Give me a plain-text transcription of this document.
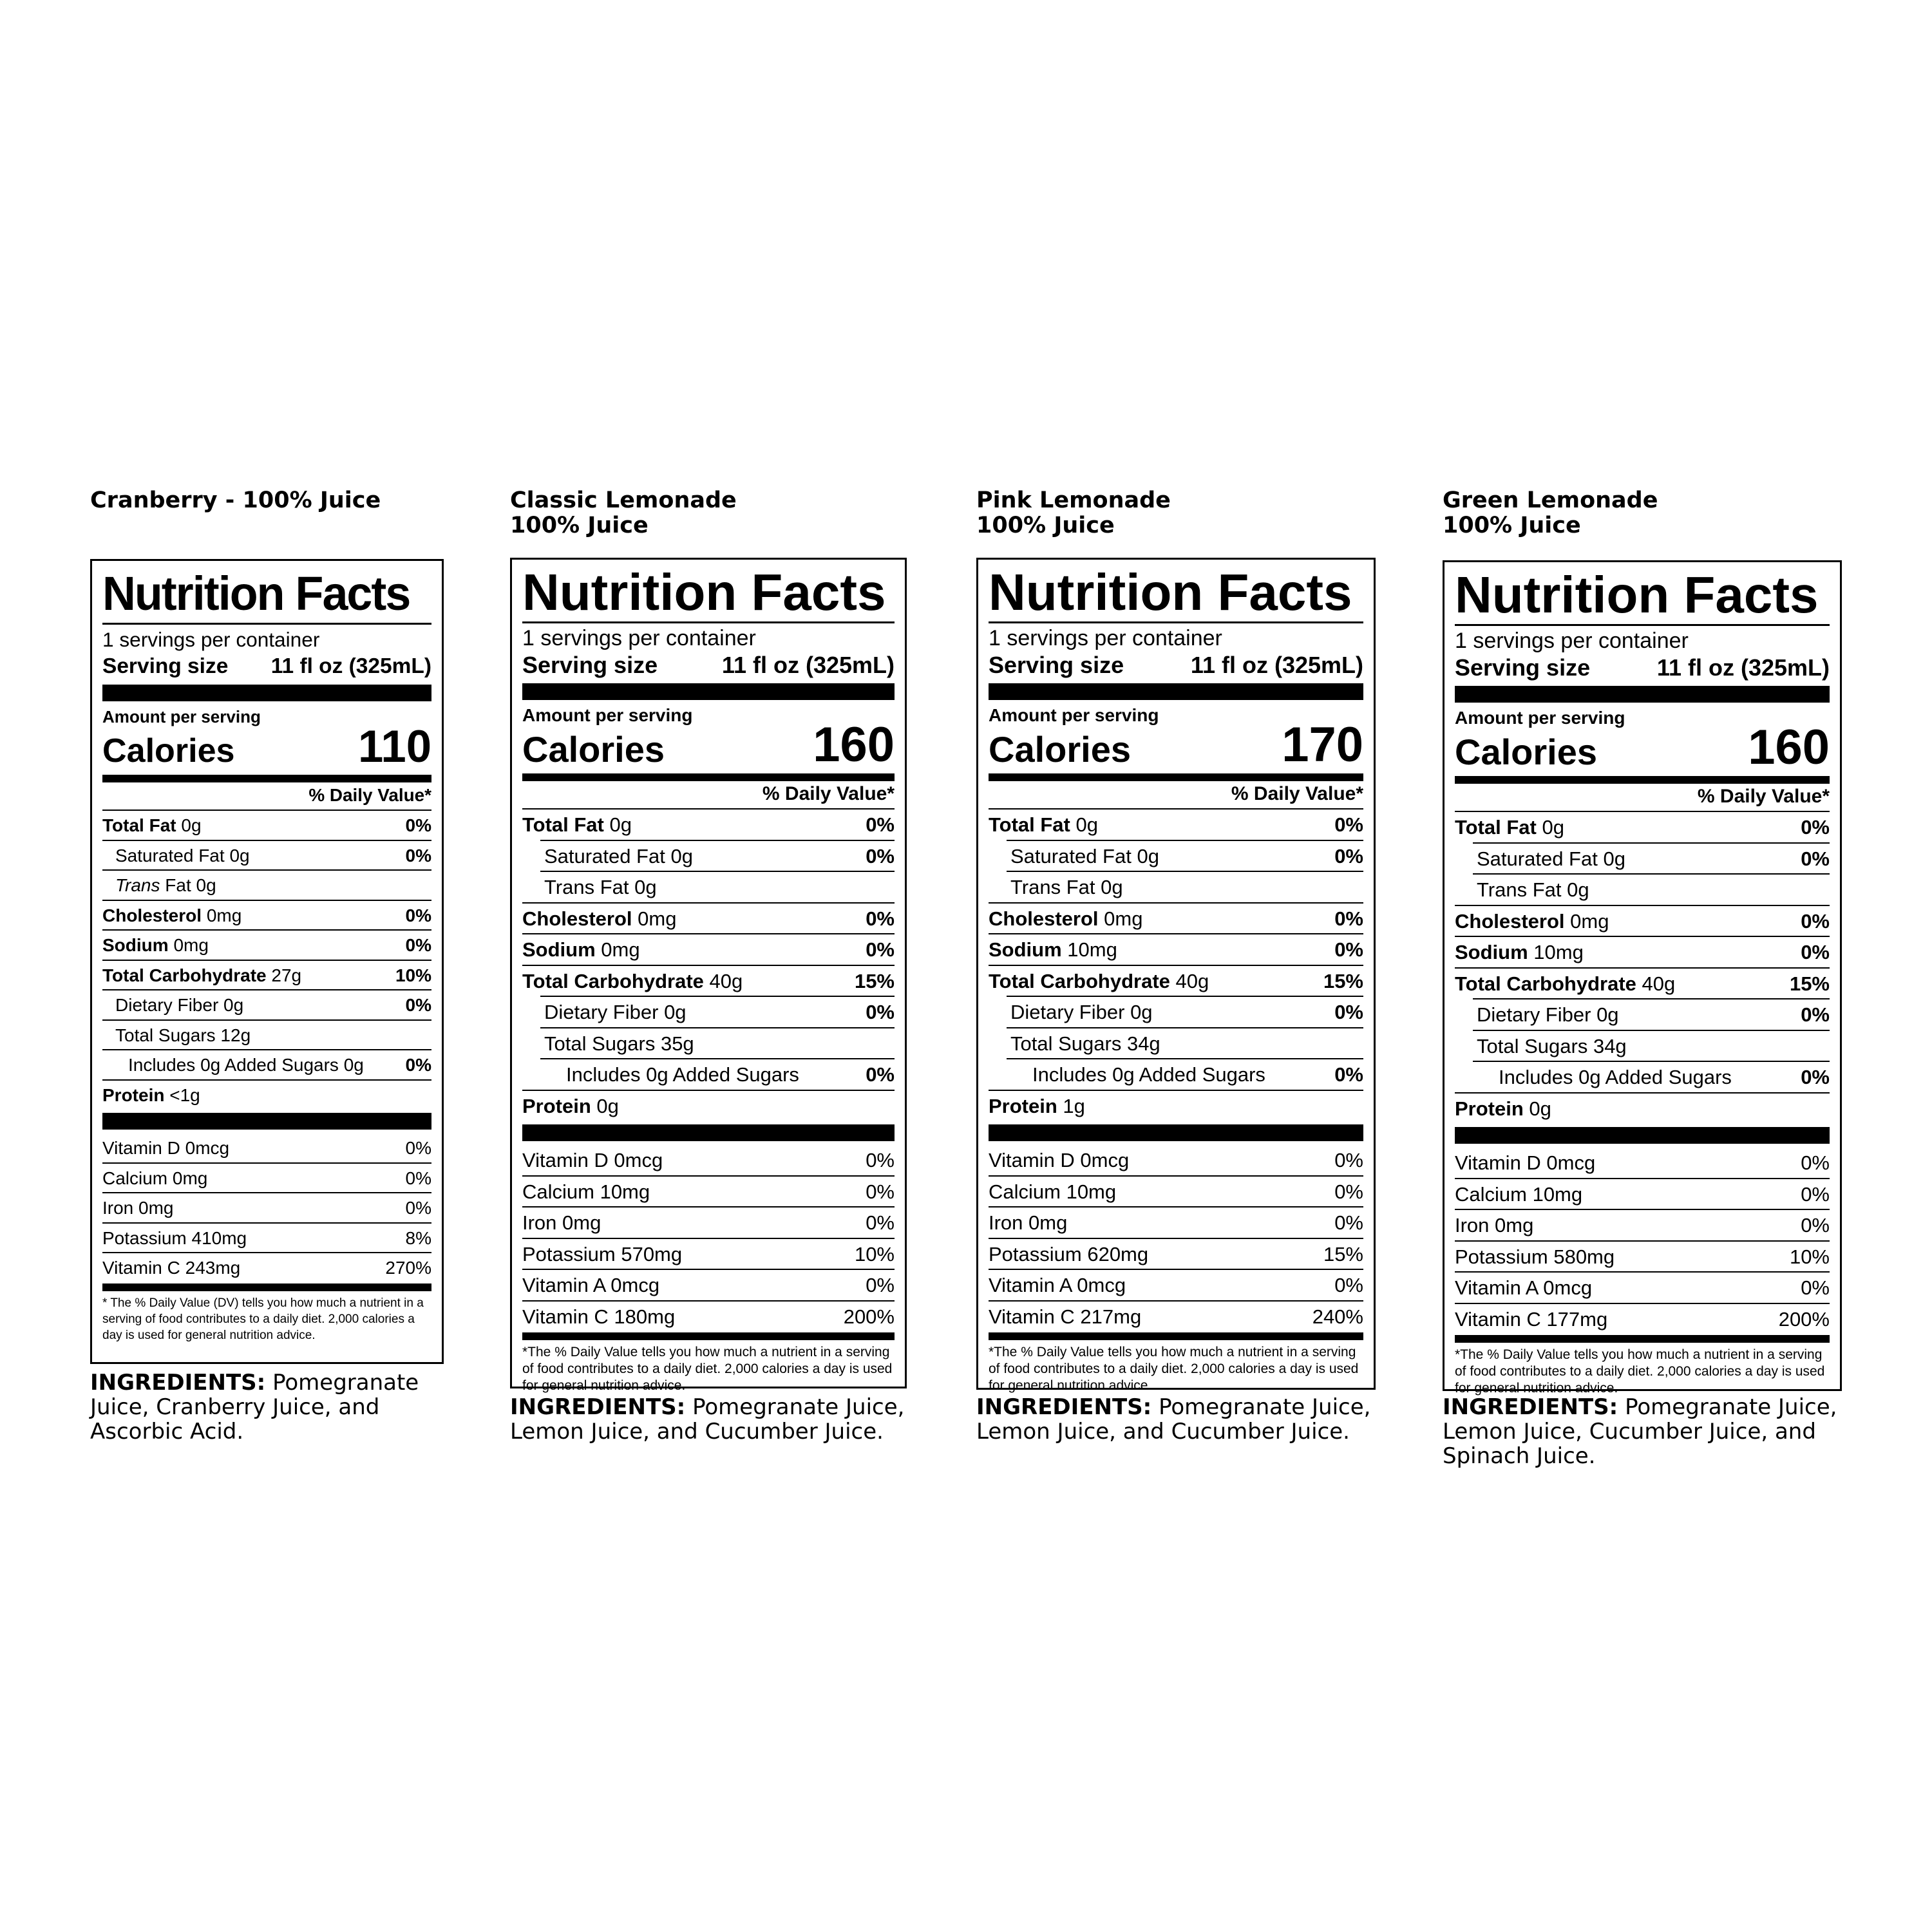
Cranberry - 100% Juice
Nutrition Facts
1 servings per container
Serving size 11 fl oz (325mL)
Amount per serving
Calories	110
% Daily Value*
Total Fat 0g	0%
Saturated Fat 0g	0%
Trans Fat 0g
Cholesterol 0mg	0%
Sodium 0mg	0%
Total Carbohydrate 27g	10%
Dietary Fiber 0g	0%
Total Sugars 12g
Includes 0g Added Sugars 0g 0%
Protein <1g
Vitamin D 0mcg	0%
Calcium 0mg	0%
Iron 0mg	0%
Potassium 410mg	8%
Vitamin C 243mg	270%
* The % Daily Value (DV) tells you how much a nutrient in a serving of food contributes to a daily diet. 2,000 calories a day is used for general nutrition advice.
INGREDIENTS: Pomegranate Juice, Cranberry Juice, and Ascorbic Acid.
Classic Lemonade
100% Juice
Nutrition Facts
1 servings per container
Serving size	11 fl oz (325mL)
Amount per serving
Calories	160
% Daily Value*
Total Fat 0g	0%
Saturated Fat 0g	0%
Trans Fat 0g
Cholesterol 0mg	0%
Sodium 0mg	0%
Total Carbohydrate 40g	15%
Dietary Fiber 0g	0%
Total Sugars 35g
Includes 0g Added Sugars	0%
Protein 0g
Vitamin D 0mcg	0%
Calcium 10mg	0%
Iron 0mg	0%
Potassium 570mg	10%
Vitamin A 0mcg	0%
Vitamin C 180mg	200%
*The % Daily Value tells you how much a nutrient in a serving of food contributes to a daily diet. 2,000 calories a day is used for general nutrition advice.
INGREDIENTS: Pomegranate Juice, Lemon Juice, and Cucumber Juice.
Pink Lemonade
100% Juice
Nutrition Facts
1 servings per container
Serving size	11 fl oz (325mL)
Amount per serving
Calories	170
% Daily Value*
Total Fat 0g	0%
Saturated Fat 0g	0%
Trans Fat 0g
Cholesterol 0mg	0%
Sodium 10mg	0%
Total Carbohydrate 40g	15%
Dietary Fiber 0g	0%
Total Sugars 34g
Includes 0g Added Sugars	0%
Protein 1g
Vitamin D 0mcg	0%
Calcium 10mg	0%
Iron 0mg	0%
Potassium 620mg	15%
Vitamin A 0mcg	0%
Vitamin C 217mg	240%
*The % Daily Value tells you how much a nutrient in a serving of food contributes to a daily diet. 2,000 calories a day is used for general nutrition advice.
INGREDIENTS: Pomegranate Juice, Lemon Juice, and Cucumber Juice.
Green Lemonade
100% Juice
Nutrition Facts
1 servings per container
Serving size	11 fl oz (325mL)
Amount per serving
Calories	160
% Daily Value*
Total Fat 0g	0%
Saturated Fat 0g	0%
Trans Fat 0g
Cholesterol 0mg	0%
Sodium 10mg	0%
Total Carbohydrate 40g	15%
Dietary Fiber 0g	0%
Total Sugars 34g
Includes 0g Added Sugars	0%
Protein 0g
Vitamin D 0mcg	0%
Calcium 10mg	0%
Iron 0mg	0%
Potassium 580mg	10%
Vitamin A 0mcg	0%
Vitamin C 177mg	200%
*The % Daily Value tells you how much a nutrient in a serving of food contributes to a daily diet. 2,000 calories a day is used for general nutrition advice.
INGREDIENTS: Pomegranate Juice, Lemon Juice, Cucumber Juice, and Spinach Juice.
